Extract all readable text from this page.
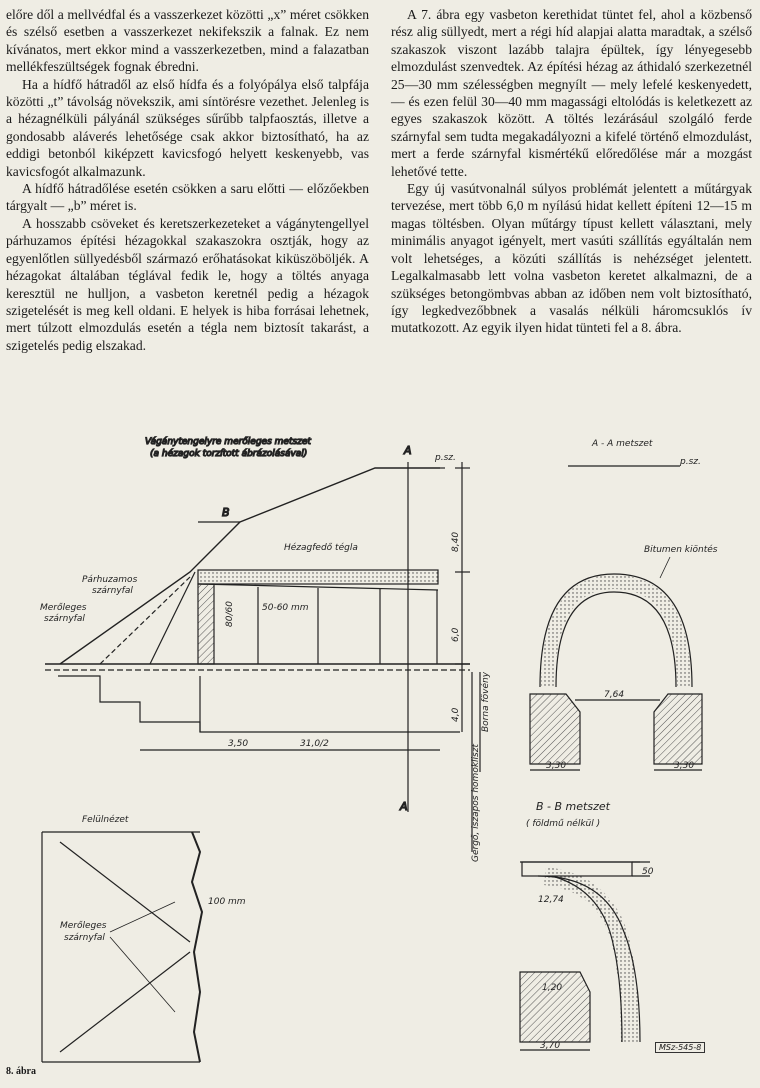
előre dől a mellvédfal és a vasszerkezet közötti „x” méret csökken és szélső esetben a vasszerkezet nekifekszik a falnak. Ez nem kívánatos, mert ekkor mind a vasszerkezetben, mind a falazatban mellékfeszültségek fognak ébredni.

Ha a hídfő hátradől az első hídfa és a folyópálya első talpfája közötti „t” távolság növekszik, ami síntörésre vezethet. Jelenleg is a hézagnélküli pályánál szükséges sűrűbb talpfaosztás, illetve a gondosabb aláverés lehetősége csak akkor biztosítható, ha az eddigi betonból kiképzett kavicsfogó helyett keskenyebb, vas kavicsfogót alkalmazunk.

A hídfő hátradőlése esetén csökken a saru előtti — előzőekben tárgyalt — „b” méret is.

A hosszabb csöveket és keretszerkezeteket a vágánytengellyel párhuzamos építési hézagokkal szakaszokra osztják, hogy az egyenlőtlen süllyedésből származó erőhatásokat kiküszöböljék. A hézagokat általában téglával fedik le, hogy a töltés anyaga keresztül ne hulljon, a vasbeton keretnél pedig a hézagok szigetelését is meg kell oldani. E helyek is hiba forrásai lehetnek, mert túlzott elmozdulás esetén a tégla nem biztosít takarást, a szigetelés pedig elszakad.

A 7. ábra egy vasbeton kerethidat tüntet fel, ahol a közbenső rész alig süllyedt, mert a régi híd alapjai alatta maradtak, a szélső szakaszok viszont lazább talajra épültek, így lényegesebb elmozdulást szenvedtek. Az építési hézag az áthidaló szerkezetnél 25—30 mm szélességben megnyílt — mely lefelé keskenyedett, — és ezen felül 30—40 mm magassági eltolódás is keletkezett az egyes szakaszok között. A töltés lezárásául szolgáló ferde szárnyfal sem tudta megakadályozni a kifelé történő elmozdulást, mert a ferde szárnyfal kismértékű előredőlése már a mozgást lehetővé tette.

Egy új vasútvonalnál súlyos problémát jelentett a műtárgyak tervezése, mert több 6,0 m nyílású hidat kellett építeni 12—15 m magas töltésben. Olyan műtárgy típust kellett választani, mely minimális anyagot igényelt, mert vasúti szállítás egyáltalán nem volt lehetséges, a közúti szállítás is nehézséget jelentett. Legalkalmasabb lett volna vasbeton keretet alkalmazni, de a szükséges betongömbvas abban az időben nem volt biztosítható, így legkedvezőbbnek a vasalás nélküli háromcsuklós ív mutatkozott. Az egyik ilyen hidat tünteti fel a 8. ábra.

Vágánytengelyre merőleges metszet
(a hézagok torzított ábrázolásával)
B
A
A
p.sz.
Hézagfedő tégla
Párhuzamos
szárnyfal
Merőleges
szárnyfal
50-60 mm
3,50	31,0/2
80/60
8,40
6,0
4,0 Borna fövény
Gergő, iszapos homokliszt
A - A metszet
p.sz.
7,64
3,30	3,30
Bitumen kiöntés
Felülnézet
Merőleges
szárnyfal
100 mm
B - B metszet
( földmű nélkül )
50
12,74
1,20
3,70	MSz-545-8
8. ábra
